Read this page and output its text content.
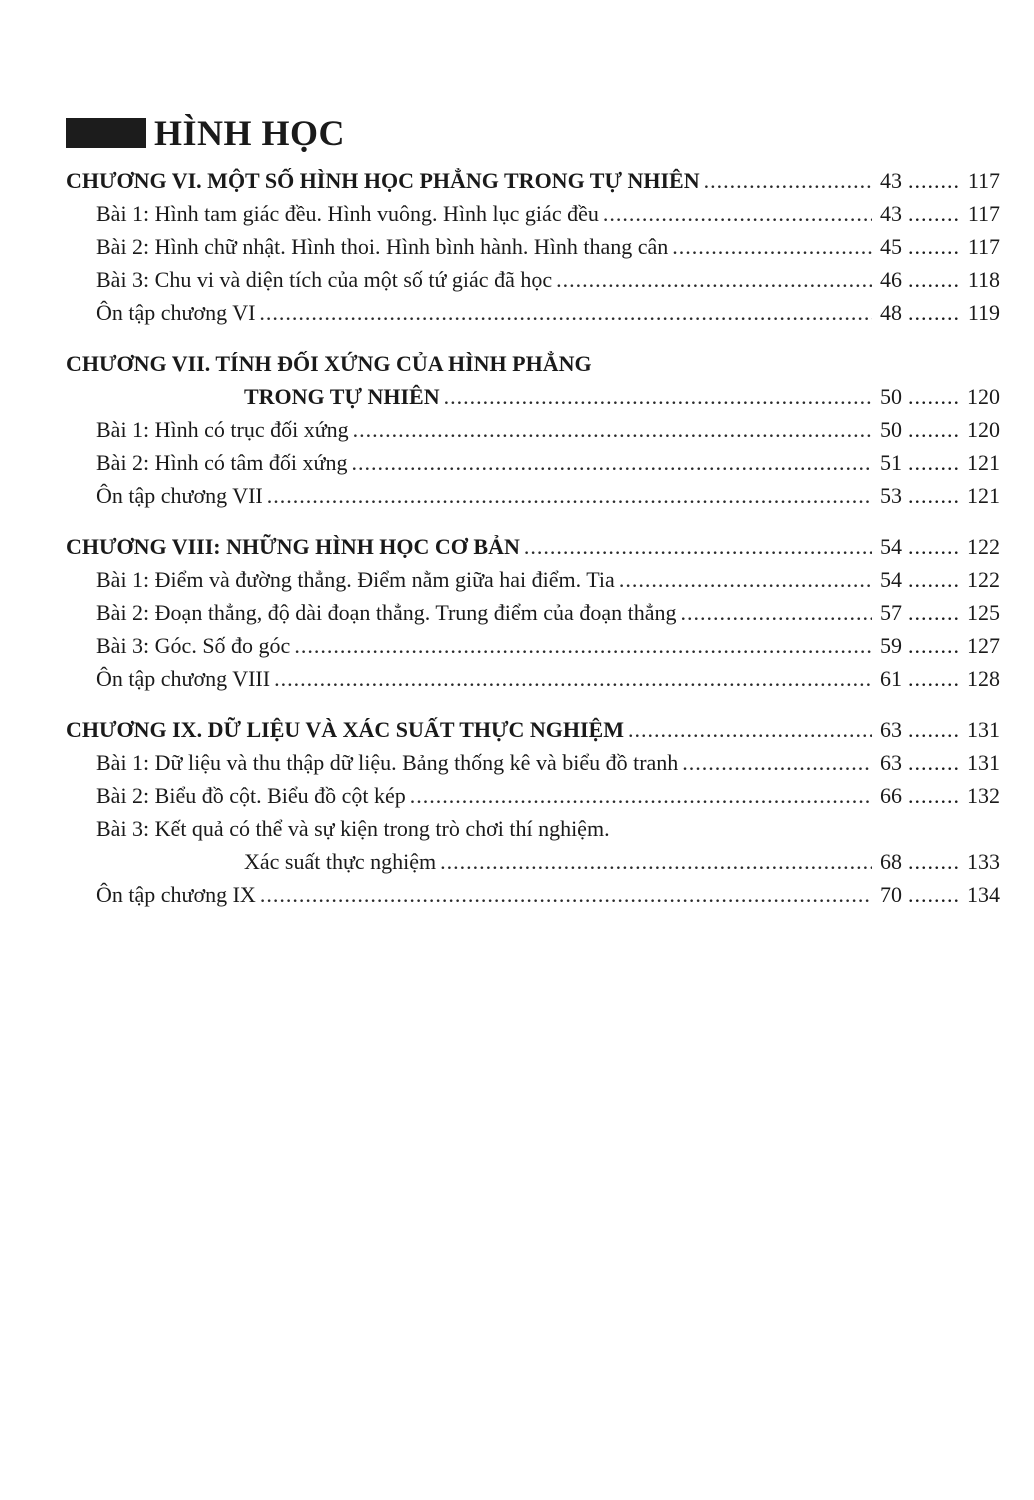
HÌNH HỌC
CHƯƠNG VI. MỘT SỐ HÌNH HỌC PHẲNG TRONG TỰ NHIÊN .....	43 .....	117
Bài 1: Hình tam giác đều. Hình vuông. Hình lục giác đều .....	43 .....	117
Bài 2: Hình chữ nhật. Hình thoi. Hình bình hành. Hình thang cân .....	45 .....	117
Bài 3: Chu vi và diện tích của một số tứ giác đã học .....	46 .....	118
Ôn tập chương VI .....	48 .....	119
CHƯƠNG VII. TÍNH ĐỐI XỨNG CỦA HÌNH PHẲNG
TRONG TỰ NHIÊN .....	50 .....	120
Bài 1: Hình có trục đối xứng .....	50 .....	120
Bài 2: Hình có tâm đối xứng .....	51 .....	121
Ôn tập chương VII .....	53 .....	121
CHƯƠNG VIII: NHỮNG HÌNH HỌC CƠ BẢN .....	54 .....	122
Bài 1: Điểm và đường thẳng. Điểm nằm giữa hai điểm. Tia .....	54 .....	122
Bài 2: Đoạn thẳng, độ dài đoạn thẳng. Trung điểm của đoạn thẳng .....	57 .....	125
Bài 3: Góc. Số đo góc .....	59 .....	127
Ôn tập chương VIII .....	61 .....	128
CHƯƠNG IX. DỮ LIỆU VÀ XÁC SUẤT THỰC NGHIỆM .....	63 .....	131
Bài 1: Dữ liệu và thu thập dữ liệu. Bảng thống kê và biểu đồ tranh .....	63 .....	131
Bài 2: Biểu đồ cột. Biểu đồ cột kép .....	66 .....	132
Bài 3: Kết quả có thể và sự kiện trong trò chơi thí nghiệm.
Xác suất thực nghiệm .....	68 .....	133
Ôn tập chương IX .....	70 .....	134
